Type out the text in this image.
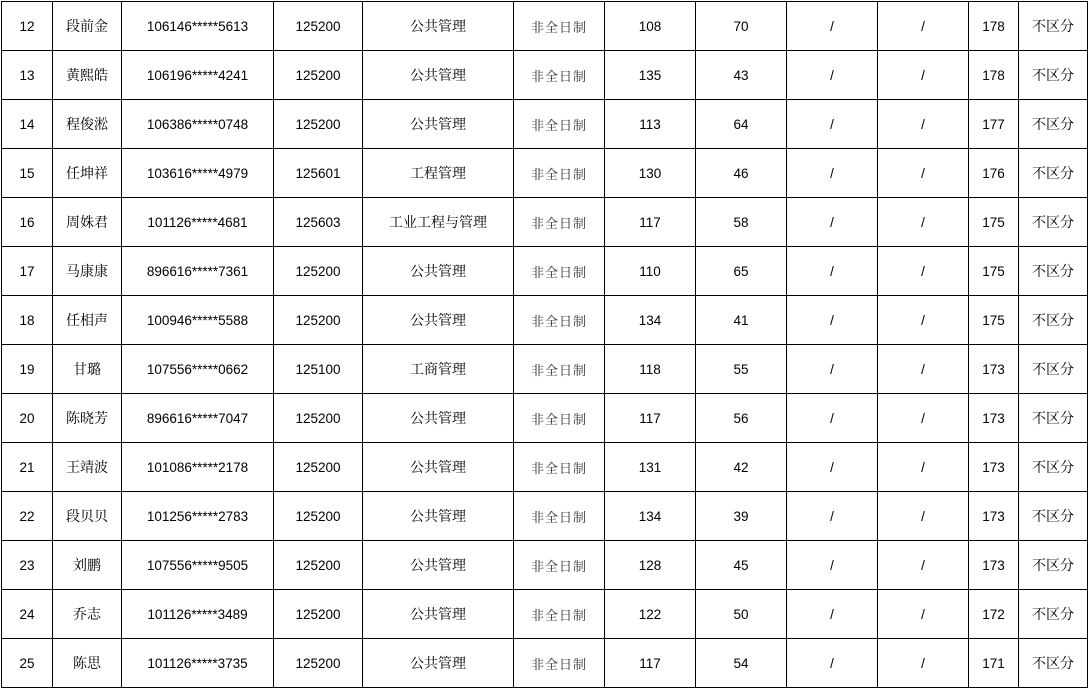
12	段前金	106146*****5613	125200	公共管理	非全日制	108	70	/	/	178	不区分
13	黄熙皓	106196*****4241	125200	公共管理	非全日制	135	43	/	/	178	不区分
14	程俊淞	106386*****0748	125200	公共管理	非全日制	113	64	/	/	177	不区分
15	任坤祥	103616*****4979	125601	工程管理	非全日制	130	46	/	/	176	不区分
16	周姝君	101126*****4681	125603	工业工程与管理	非全日制	117	58	/	/	175	不区分
17	马康康	896616*****7361	125200	公共管理	非全日制	110	65	/	/	175	不区分
18	任相声	100946*****5588	125200	公共管理	非全日制	134	41	/	/	175	不区分
19	甘璐	107556*****0662	125100	工商管理	非全日制	118	55	/	/	173	不区分
20	陈晓芳	896616*****7047	125200	公共管理	非全日制	117	56	/	/	173	不区分
21	王靖波	101086*****2178	125200	公共管理	非全日制	131	42	/	/	173	不区分
22	段贝贝	101256*****2783	125200	公共管理	非全日制	134	39	/	/	173	不区分
23	刘鹏	107556*****9505	125200	公共管理	非全日制	128	45	/	/	173	不区分
24	乔志	101126*****3489	125200	公共管理	非全日制	122	50	/	/	172	不区分
25	陈思	101126*****3735	125200	公共管理	非全日制	117	54	/	/	171	不区分
